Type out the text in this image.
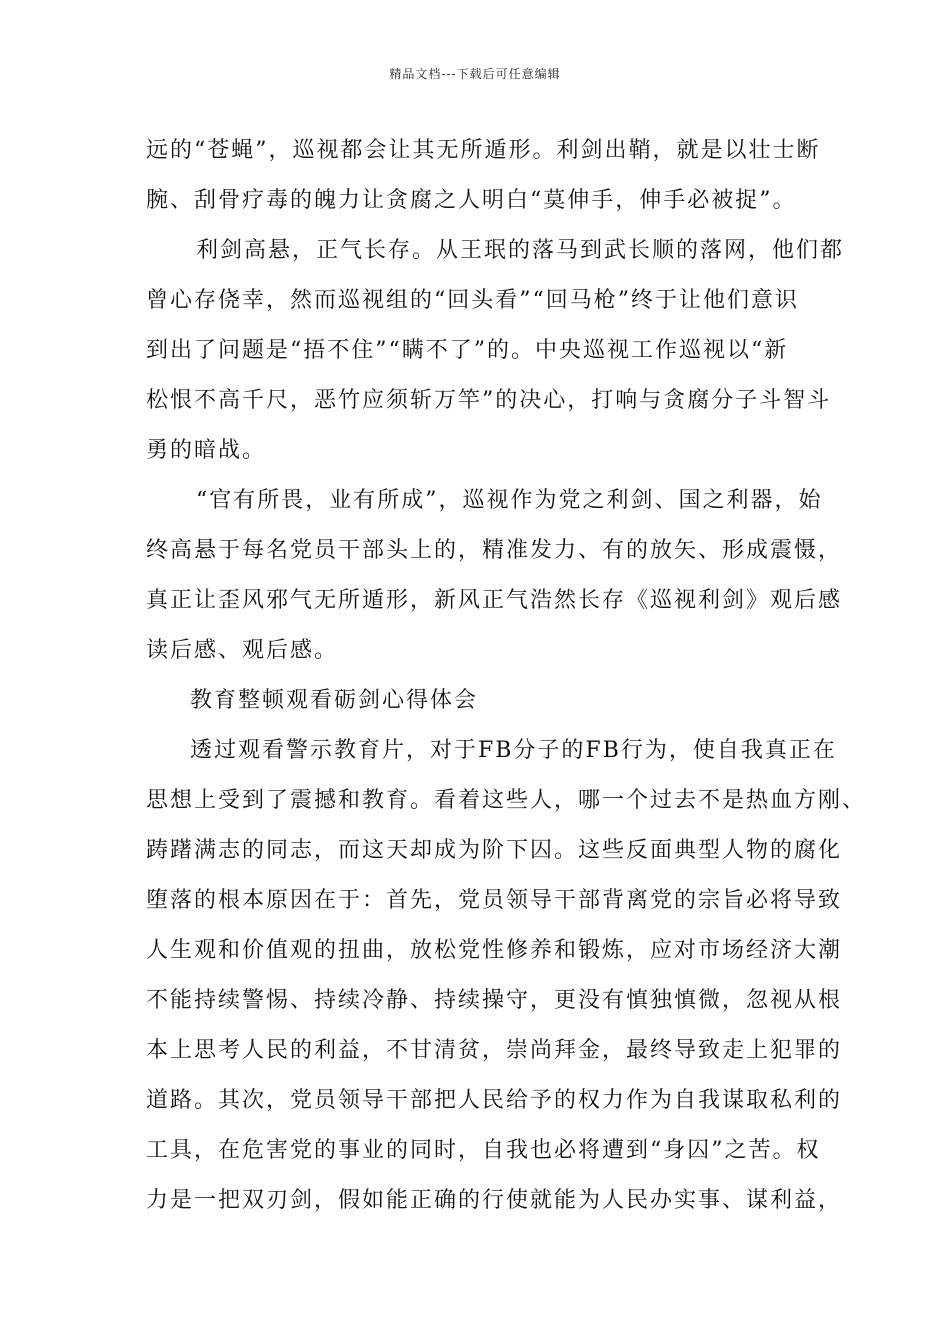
精品文档---下载后可任意编辑
远的“苍蝇”，巡视都会让其无所遁形。利剑出鞘，就是以壮士断
腕、刮骨疗毒的魄力让贪腐之人明白“莫伸手，伸手必被捉”。
利剑高悬，正气长存。从王珉的落马到武长顺的落网，他们都
曾心存侥幸，然而巡视组的“回头看”“回马枪”终于让他们意识
到出了问题是“捂不住”“瞒不了”的。中央巡视工作巡视以“新
松恨不高千尺，恶竹应须斩万竿”的决心，打响与贪腐分子斗智斗
勇的暗战。
“官有所畏，业有所成”，巡视作为党之利剑、国之利器，始
终高悬于每名党员干部头上的，精准发力、有的放矢、形成震慑，
真正让歪风邪气无所遁形，新风正气浩然长存《巡视利剑》观后感
读后感、观后感。
教育整顿观看砺剑心得体会
透过观看警示教育片，对于FB分子的FB行为，使自我真正在
思想上受到了震撼和教育。看着这些人，哪一个过去不是热血方刚、
踌躇满志的同志，而这天却成为阶下囚。这些反面典型人物的腐化
堕落的根本原因在于：首先，党员领导干部背离党的宗旨必将导致
人生观和价值观的扭曲，放松党性修养和锻炼，应对市场经济大潮
不能持续警惕、持续冷静、持续操守，更没有慎独慎微，忽视从根
本上思考人民的利益，不甘清贫，崇尚拜金，最终导致走上犯罪的
道路。其次，党员领导干部把人民给予的权力作为自我谋取私利的
工具，在危害党的事业的同时，自我也必将遭到“身囚”之苦。权
力是一把双刃剑，假如能正确的行使就能为人民办实事、谋利益，
